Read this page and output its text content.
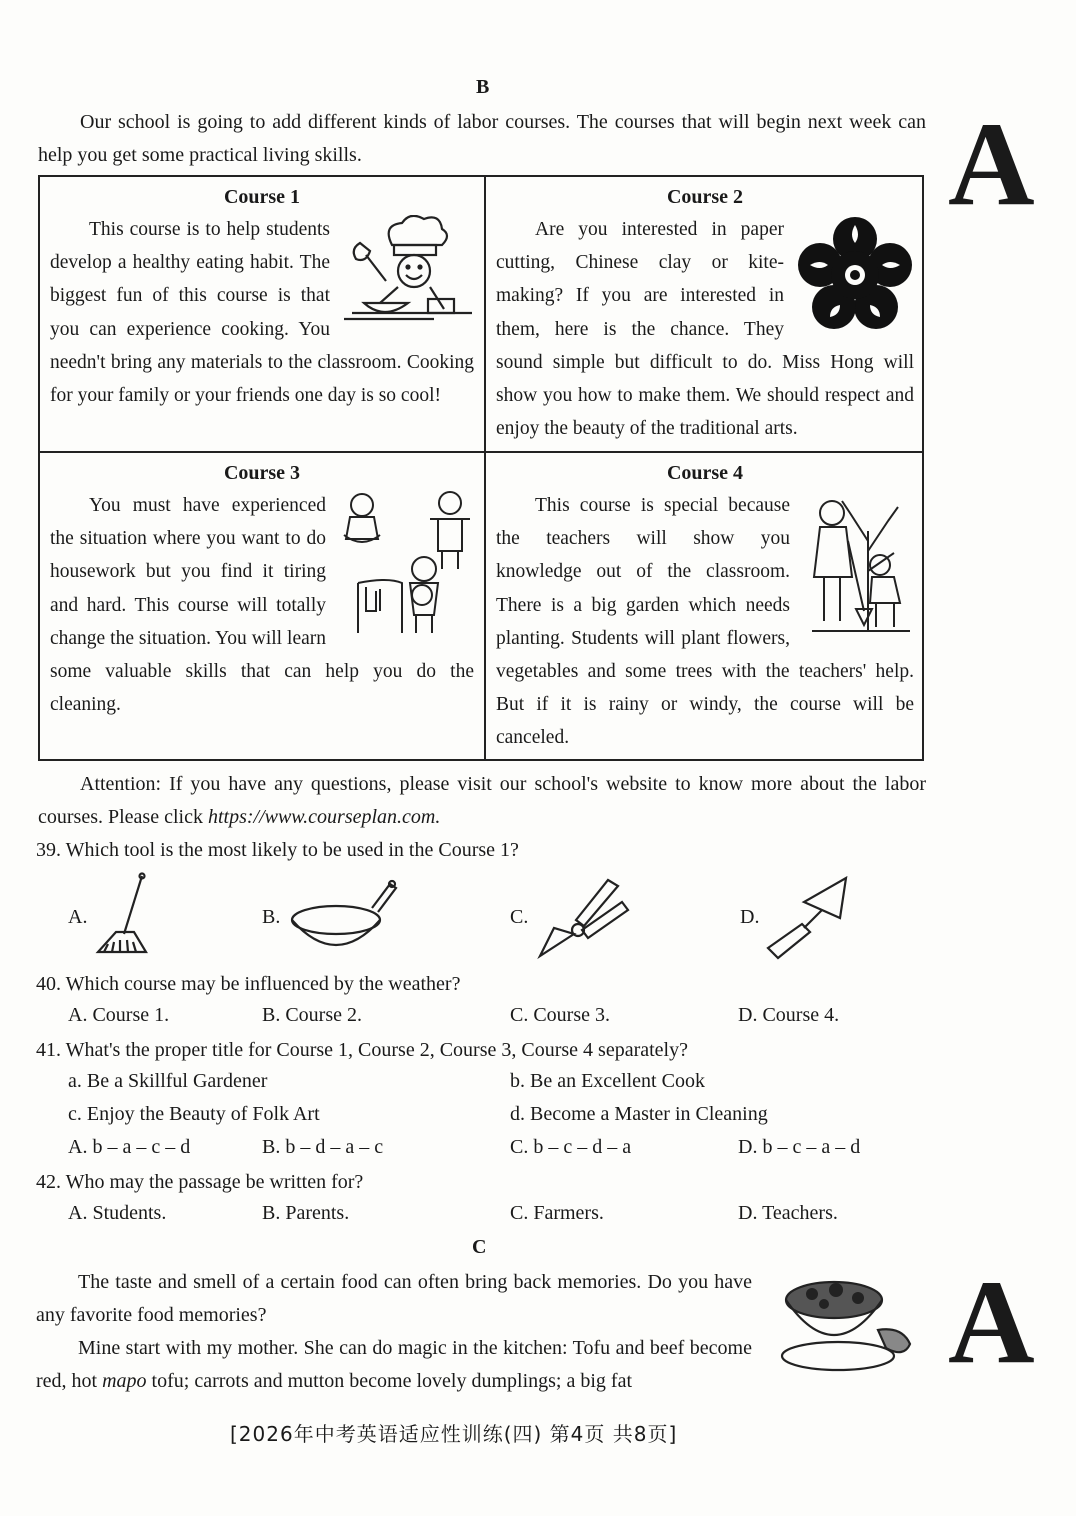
B
Our school is going to add different kinds of labor courses. The courses that will begin next week can help you get some practical living skills.	A
A
Course 1

This course is to help students develop a healthy eating habit. The biggest fun of this course is that you can experience cooking. You needn't bring any materials to the classroom. Cooking for your family or your friends one day is so cool!

Course 2

Are you interested in paper cutting, Chinese clay or kite-making? If you are interested in them, here is the chance. They sound simple but difficult to do. Miss Hong will show you how to make them. We should respect and enjoy the beauty of the traditional arts.

Course 3

You must have experienced the situation where you want to do housework but you find it tiring and hard. This course will totally change the situation. You will learn some valuable skills that can help you do the cleaning.

Course 4

This course is special because the teachers will show you knowledge out of the classroom. There is a big garden which needs planting. Students will plant flowers, vegetables and some trees with the teachers' help. But if it is rainy or windy, the course will be canceled.

Attention: If you have any questions, please visit our school's website to know more about the labor courses. Please click https://www.courseplan.com.
39. Which tool is the most likely to be used in the Course 1?
A.	B.	C.	D.
40. Which course may be influenced by the weather?
A. Course 1.	B. Course 2.	C. Course 3.	D. Course 4.
41. What's the proper title for Course 1, Course 2, Course 3, Course 4 separately?
a. Be a Skillful Gardener	b. Be an Excellent Cook
c. Enjoy the Beauty of Folk Art	d. Become a Master in Cleaning
A. b – a – c – d	B. b – d – a – c	C. b – c – d – a	D. b – c – a – d
42. Who may the passage be written for?
A. Students.	B. Parents.	C. Farmers.	D. Teachers.
C
The taste and smell of a certain food can often bring back memories. Do you have any favorite food memories?
Mine start with my mother. She can do magic in the kitchen: Tofu and beef become red, hot mapo tofu; carrots and mutton become lovely dumplings; a big fat
[2026年中考英语适应性训练(四) 第4页 共8页]
